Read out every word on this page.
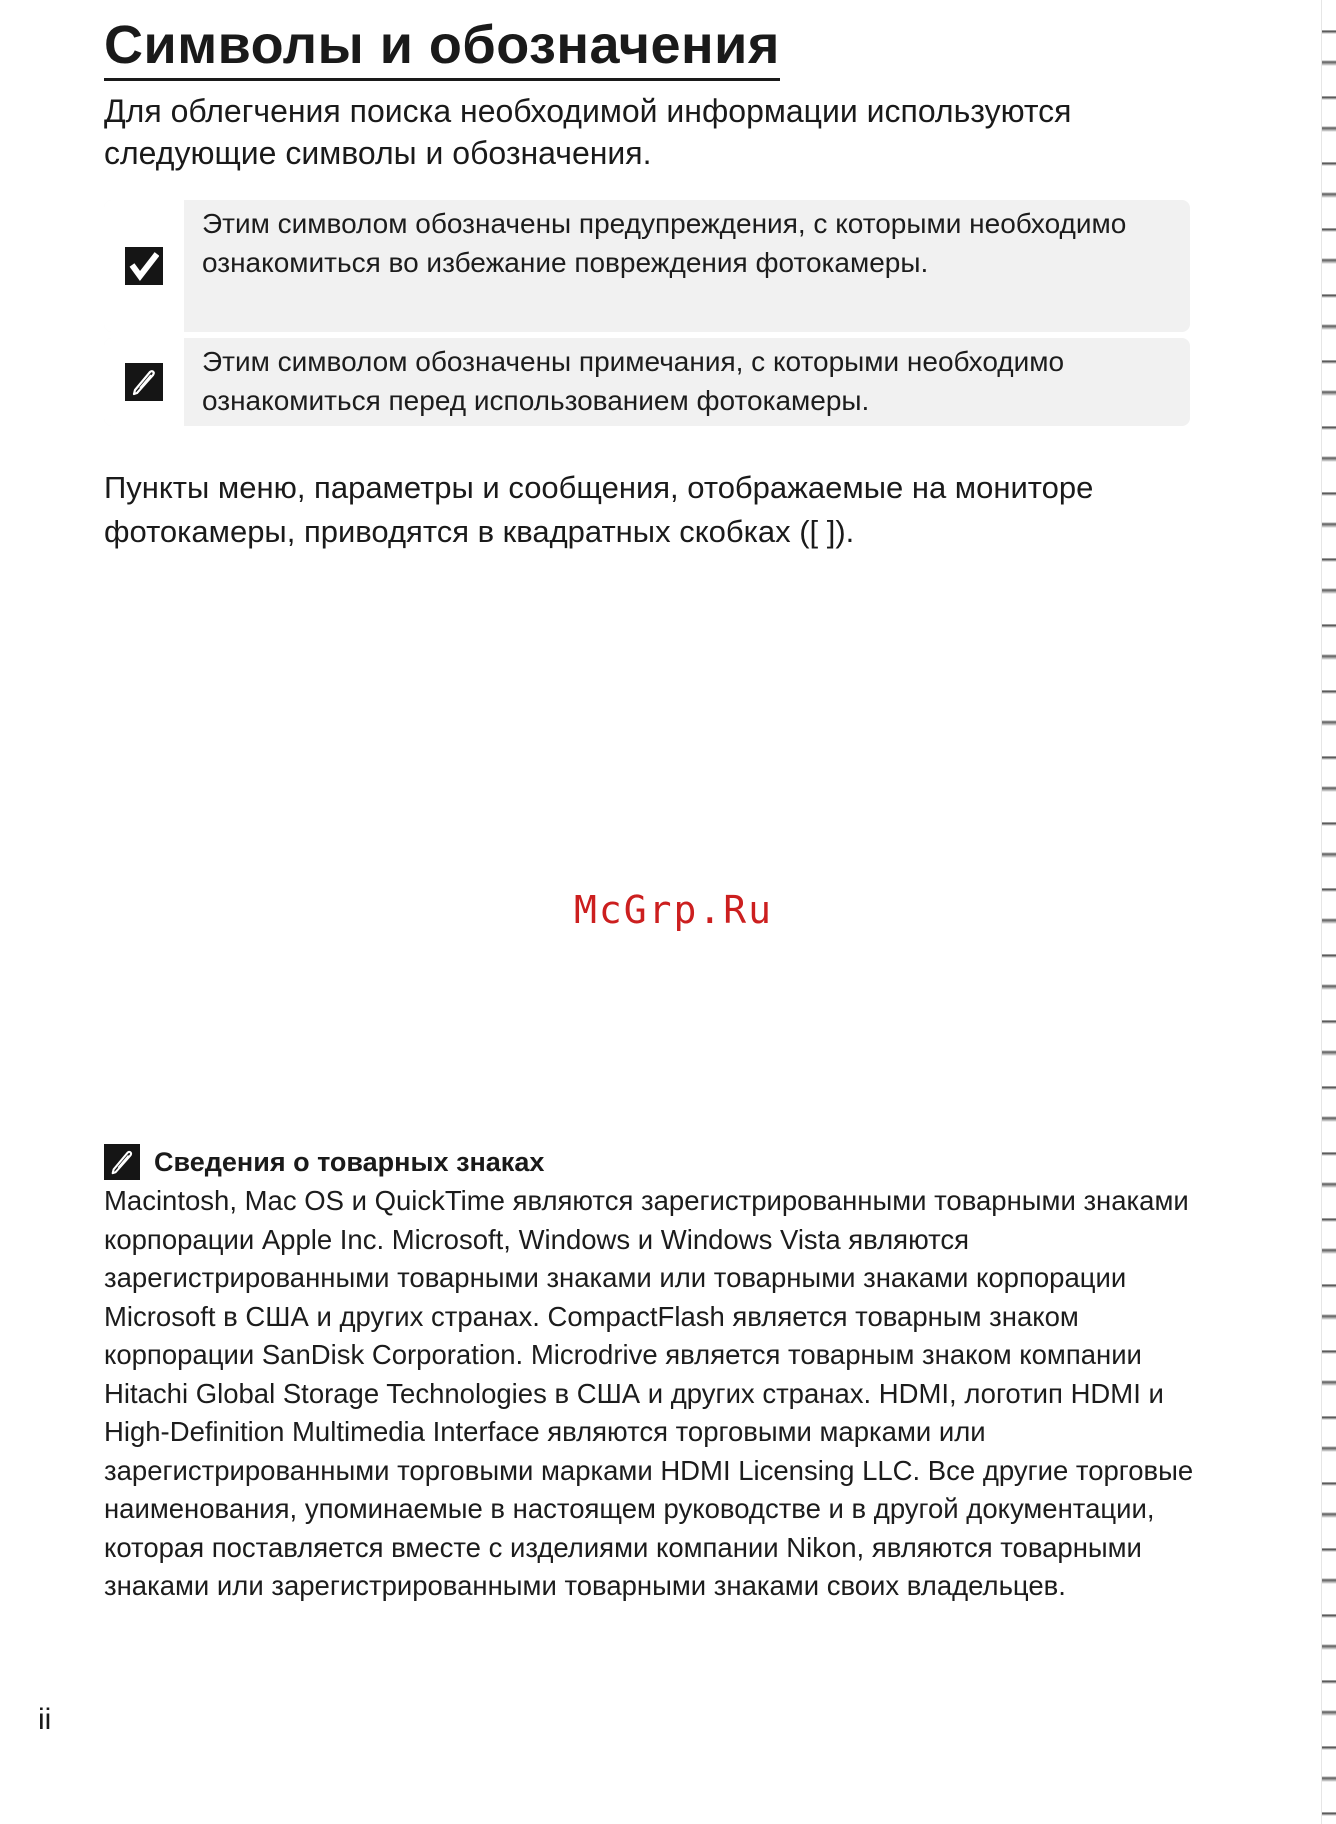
Символы и обозначения

Для облегчения поиска необходимой информации используются следующие символы и обозначения.

Этим символом обозначены предупреждения, с которыми необходимо ознакомиться во избежание повреждения фотокамеры.

Этим символом обозначены примечания, с которыми необходимо ознакомиться перед использованием фотокамеры.

Пункты меню, параметры и сообщения, отображаемые на мониторе фотокамеры, приводятся в квадратных скобках ([ ]).

McGrp.Ru
Сведения о товарных знаках

Macintosh, Mac OS и QuickTime являются зарегистрированными товарными знаками корпорации Apple Inc. Microsoft, Windows и Windows Vista являются зарегистрированными товарными знаками или товарными знаками корпорации Microsoft в США и других странах. CompactFlash является товарным знаком корпорации SanDisk Corporation. Microdrive является товарным знаком компании Hitachi Global Storage Technologies в США и других странах. HDMI, логотип HDMI и High-Definition Multimedia Interface являются торговыми марками или зарегистрированными торговыми марками HDMI Licensing LLC. Все другие торговые наименования, упоминаемые в настоящем руководстве и в другой документации, которая поставляется вместе с изделиями компании Nikon, являются товарными знаками или зарегистрированными товарными знаками своих владельцев.

ii
